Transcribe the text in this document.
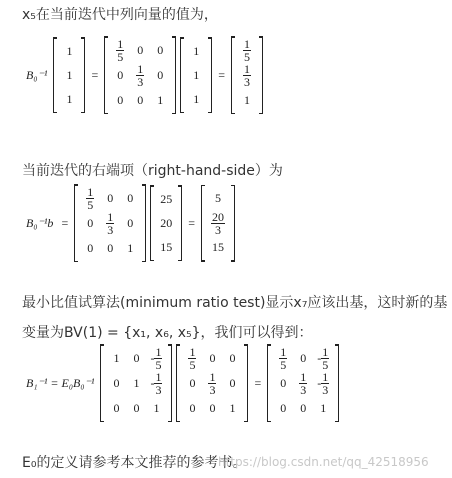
x₅在当前迭代中列向量的值为，

B₀⁻¹
1
1
1
=
$\frac{1}{5}$	0	0
0	$\frac{1}{3}$	0
0	0	1
1
1
1
=
$\frac{1}{5}$

$\frac{1}{3}$

1

当前迭代的右端项（right-hand-side）为

B₀⁻¹b =
$\frac{1}{5}$	0	0
0	$\frac{1}{3}$	0
0	0	1
25
20
15
=
5

$\frac{20}{3}$

15

最小比值试算法(minimum ratio test)显示x₇应该出基，这时新的基

变量为BV(1) = {x₁, x₆, x₅}，我们可以得到：

B₁⁻¹ = E₀B₀⁻¹
1	0	- $\frac{1}{5}$

0	1	- $\frac{1}{3}$

0	0	1
$\frac{1}{5}$	0	0
0	$\frac{1}{3}$	0
0	0	1
=
$\frac{1}{5}$	0	- $\frac{1}{5}$

0	$\frac{1}{3}$	- $\frac{1}{3}$

0	0	1

E₀的定义请参考本文推荐的参考书。

https://blog.csdn.net/qq_42518956
